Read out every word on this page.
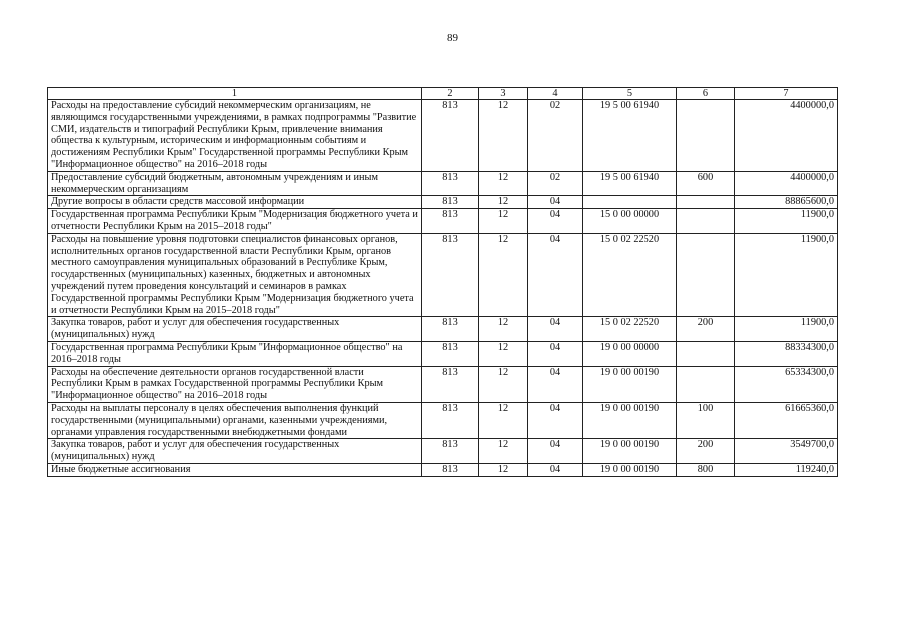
89
1	2	3	4	5	6	7
Расходы на предоставление субсидий некоммерческим организациям, не являющимся государственными учреждениями, в рамках подпрограммы "Развитие СМИ, издательств и типографий Республики Крым, привлечение внимания общества к культурным, историческим и информационным событиям и достижениям Республики Крым" Государственной программы Республики Крым "Информационное общество" на 2016–2018 годы	813	12	02	19 5 00 61940		4400000,0
Предоставление субсидий бюджетным, автономным учреждениям и иным некоммерческим организациям	813	12	02	19 5 00 61940	600	4400000,0
Другие вопросы в области средств массовой информации	813	12	04			88865600,0
Государственная программа Республики Крым "Модернизация бюджетного учета и отчетности Республики Крым на 2015–2018 годы"	813	12	04	15 0 00 00000		11900,0
Расходы на повышение уровня подготовки специалистов финансовых органов, исполнительных органов государственной власти Республики Крым, органов местного самоуправления муниципальных образований в Республике Крым, государственных (муниципальных) казенных, бюджетных и автономных учреждений путем проведения консультаций и семинаров в рамках Государственной программы Республики Крым "Модернизация бюджетного учета и отчетности Республики Крым на 2015–2018 годы"	813	12	04	15 0 02 22520		11900,0
Закупка товаров, работ и услуг для обеспечения государственных (муниципальных) нужд	813	12	04	15 0 02 22520	200	11900,0
Государственная программа Республики Крым "Информационное общество" на 2016–2018 годы	813	12	04	19 0 00 00000		88334300,0
Расходы на обеспечение деятельности органов государственной власти Республики Крым в рамках Государственной программы Республики Крым "Информационное общество" на 2016–2018 годы	813	12	04	19 0 00 00190		65334300,0
Расходы на выплаты персоналу в целях обеспечения выполнения функций государственными (муниципальными) органами, казенными учреждениями, органами управления государственными внебюджетными фондами	813	12	04	19 0 00 00190	100	61665360,0
Закупка товаров, работ и услуг для обеспечения государственных (муниципальных) нужд	813	12	04	19 0 00 00190	200	3549700,0
Иные бюджетные ассигнования	813	12	04	19 0 00 00190	800	119240,0
